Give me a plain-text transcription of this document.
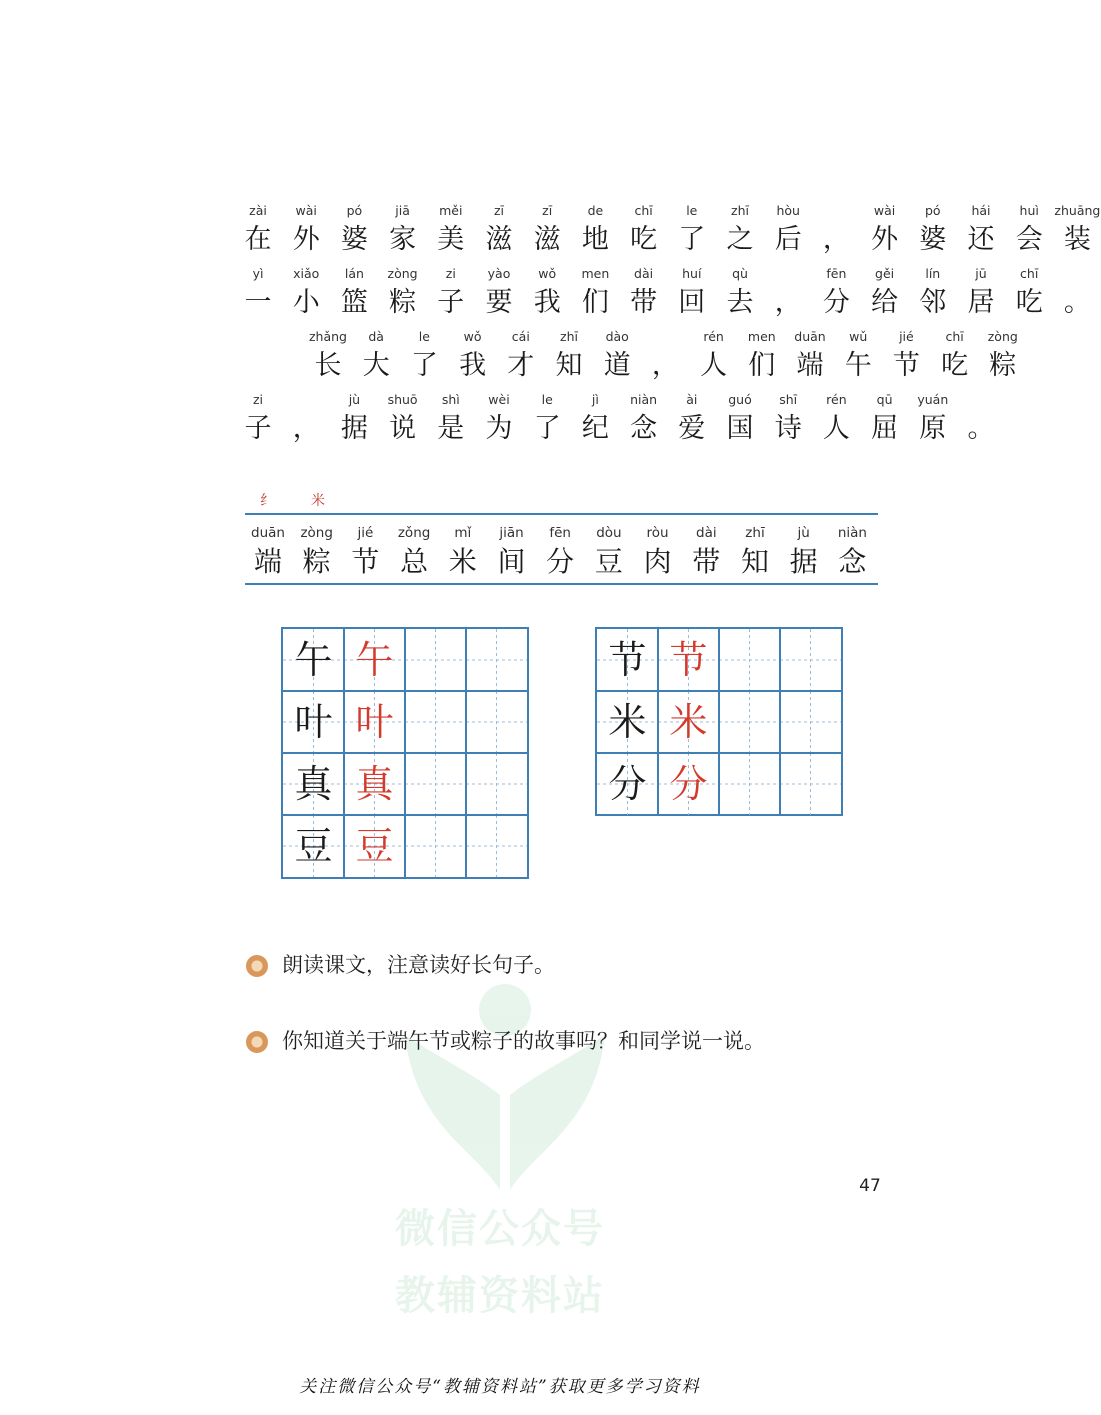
zài
在
wài
外
pó
婆
jiā
家
měi
美
zī
滋
zī
滋
de
地
chī
吃
le
了
zhī
之
hòu
后 ，
wài
外
pó
婆
hái
还
huì
会
zhuāng
装
yì
一
xiǎo
小
lán
篮
zòng
粽
zi
子
yào
要
wǒ
我
men
们
dài
带
huí
回
qù
去 ，
fēn
分
gěi
给
lín
邻
jū
居
chī
吃 。
zhǎng
长
dà
大
le
了
wǒ
我
cái
才
zhī
知
dào
道 ，
rén
人
men
们
duān
端
wǔ
午
jié
节
chī
吃
zòng
粽
zi
子 ，
jù
据
shuō
说
shì
是
wèi
为
le
了
jì
纪
niàn
念
ài
爱
guó
国
shī
诗
rén
人
qū
屈
yuán
原 。
纟	米
duān
端
zòng
粽
jié
节
zǒng
总
mǐ
米
jiān
间
fēn
分
dòu
豆
ròu
肉
dài
带
zhī
知
jù
据
niàn
念
午 午
叶 叶
真 真
豆 豆
节 节
米 米
分 分
微信公众号
教辅资料站
朗读课文，注意读好长句子。
你知道关于端午节或粽子的故事吗？和同学说一说。
47
关注微信公众号“教辅资料站”获取更多学习资料
